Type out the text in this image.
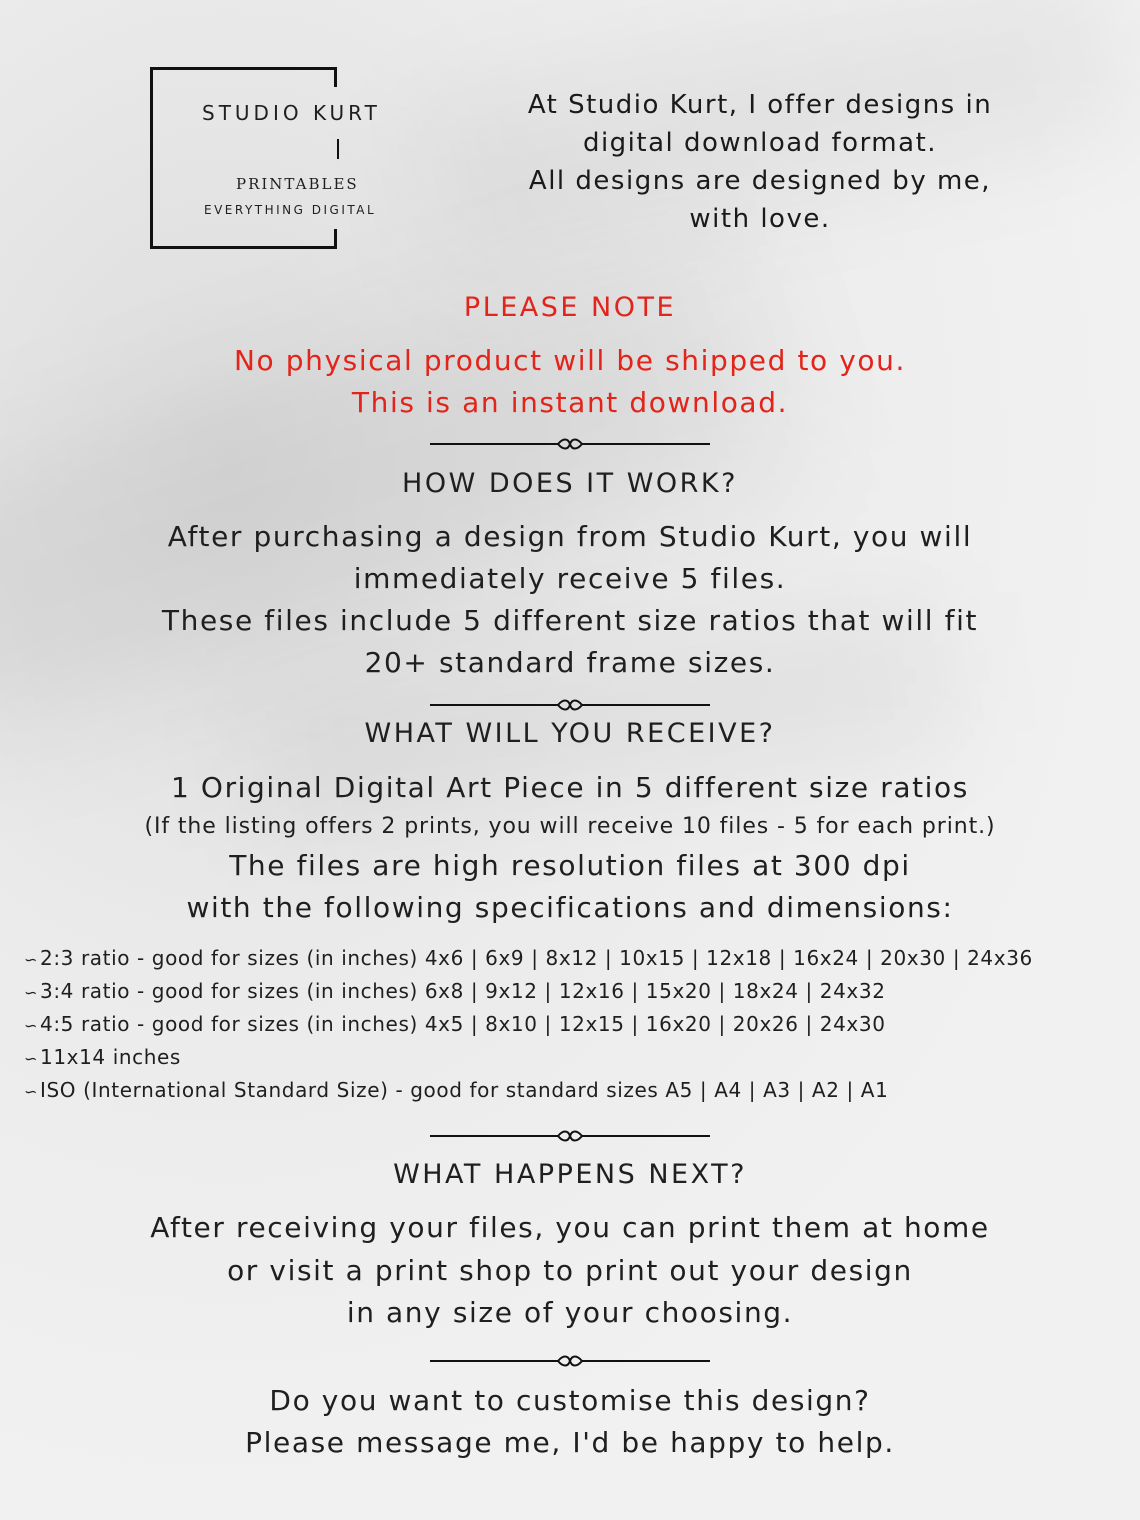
STUDIO KURT
PRINTABLES
EVERYTHING DIGITAL
At Studio Kurt, I offer designs in
digital download format.
All designs are designed by me,
with love.
PLEASE NOTE
No physical product will be shipped to you.
This is an instant download.
HOW DOES IT WORK?
After purchasing a design from Studio Kurt, you will
immediately receive 5 files.
These files include 5 different size ratios that will fit
20+ standard frame sizes.
WHAT WILL YOU RECEIVE?
1 Original Digital Art Piece in 5 different size ratios
(If the listing offers 2 prints, you will receive 10 files - 5 for each print.)
The files are high resolution files at 300 dpi
with the following specifications and dimensions:
∽ 2:3 ratio - good for sizes (in inches) 4x6 | 6x9 | 8x12 | 10x15 | 12x18 | 16x24 | 20x30 | 24x36
∽ 3:4 ratio - good for sizes (in inches) 6x8 | 9x12 | 12x16 | 15x20 | 18x24 | 24x32
∽ 4:5 ratio - good for sizes (in inches) 4x5 | 8x10 | 12x15 | 16x20 | 20x26 | 24x30
∽ 11x14 inches
∽ ISO (International Standard Size) - good for standard sizes A5 | A4 | A3 | A2 | A1
WHAT HAPPENS NEXT?
After receiving your files, you can print them at home
or visit a print shop to print out your design
in any size of your choosing.
Do you want to customise this design?
Please message me, I'd be happy to help.
